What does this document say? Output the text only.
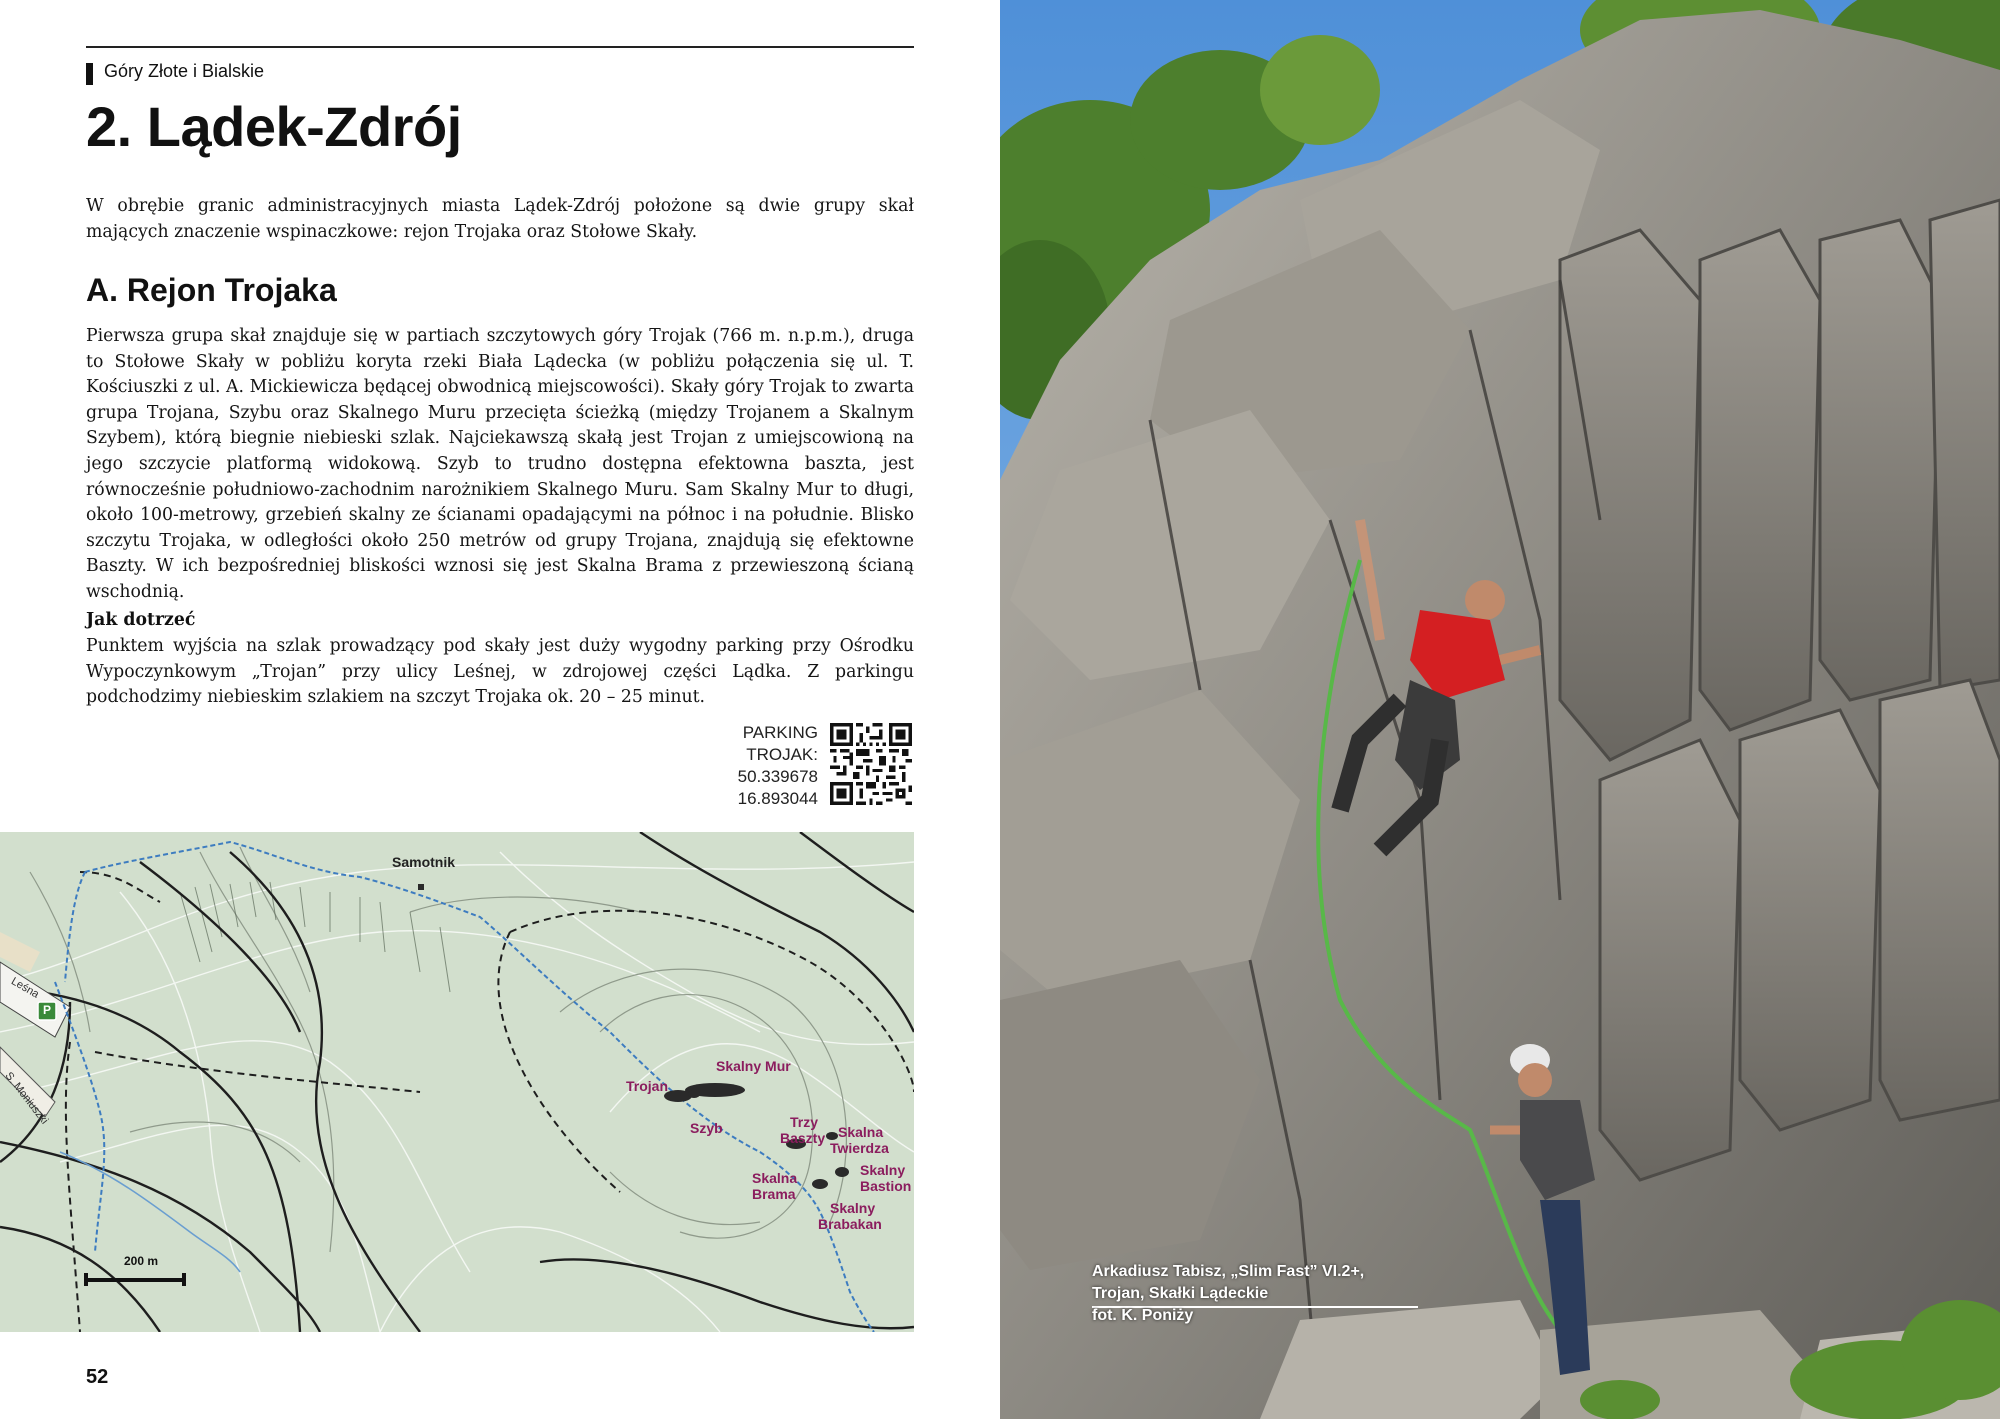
Góry Złote i Bialskie
2. Lądek-Zdrój

W obrębie granic administracyjnych miasta Lądek-Zdrój położone są dwie grupy skał mających znaczenie wspinaczkowe: rejon Trojaka oraz Stołowe Skały.

A. Rejon Trojaka

Pierwsza grupa skał znajduje się w partiach szczytowych góry Trojak (766 m. n.p.m.), druga to Stołowe Skały w pobliżu koryta rzeki Biała Lądecka (w pobliżu połączenia się ul. T. Kościuszki z ul. A. Mickiewicza będącej obwodnicą miejscowości). Skały góry Trojak to zwarta grupa Trojana, Szybu oraz Skalnego Muru przecięta ścieżką (między Trojanem a Skalnym Szybem), którą biegnie niebieski szlak. Najciekawszą skałą jest Trojan z umiejscowioną na jego szczycie platformą widokową. Szyb to trudno dostępna efektowna baszta, jest równocześnie południowo-zachodnim narożnikiem Skalnego Muru. Sam Skalny Mur to długi, około 100-metrowy, grzebień skalny ze ścianami opadającymi na północ i na południe. Blisko szczytu Trojaka, w odległości około 250 metrów od grupy Trojana, znajdują się efektowne Baszty. W ich bezpośredniej bliskości wznosi się jest Skalna Brama z przewieszoną ścianą wschodnią.

Jak dotrzeć

Punktem wyjścia na szlak prowadzący pod skały jest duży wygodny parking przy Ośrodku Wypoczynkowym „Trojan” przy ulicy Leśnej, w zdrojowej części Lądka. Z parkingu podchodzimy niebieskim szlakiem na szczyt Trojaka ok. 20 – 25 minut.

PARKING
TROJAK:
50.339678
16.893044
Samotnik
Skalny Mur
Trojan
Szyb	Trzy
Baszty Skalna
Twierdza
Skalny
Bastion
Skalna
Brama
Skalny
Brabakan
Leśna
S. Moniuszki
P
200 m
52
Arkadiusz Tabisz, „Slim Fast” VI.2+,
Trojan, Skałki Lądeckie
fot. K. Poniży
